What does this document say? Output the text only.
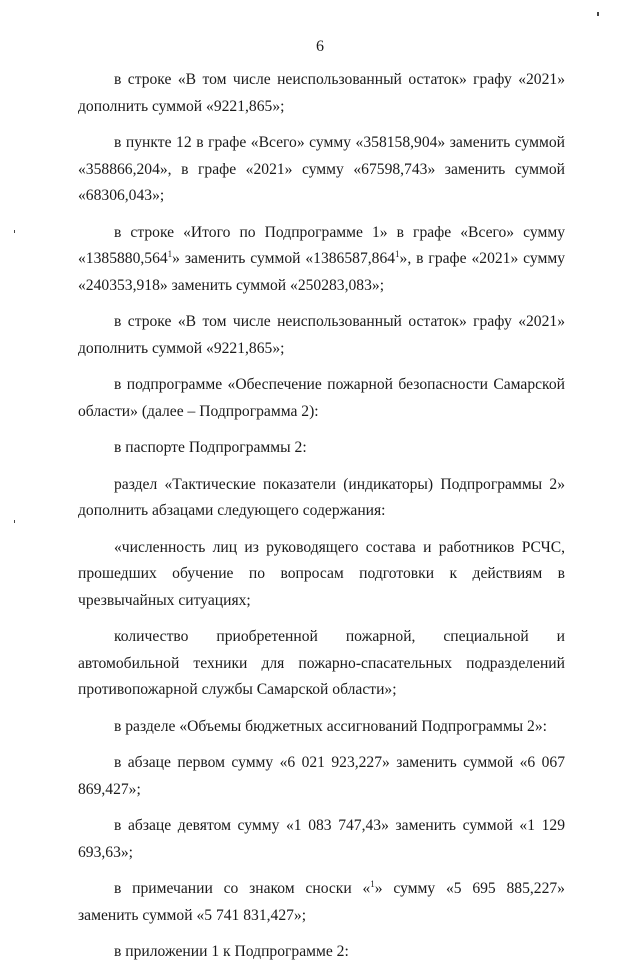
6

в строке «В том числе неиспользованный остаток» графу «2021» дополнить суммой «9221,865»;

в пункте 12 в графе «Всего» сумму «358158,904» заменить суммой «358866,204», в графе «2021» сумму «67598,743» заменить суммой «68306,043»;

в строке «Итого по Подпрограмме 1» в графе «Всего» сумму «1385880,564$^1$» заменить суммой «1386587,864$^1$», в графе «2021» сумму «240353,918» заменить суммой «250283,083»;

в строке «В том числе неиспользованный остаток» графу «2021» дополнить суммой «9221,865»;

в подпрограмме «Обеспечение пожарной безопасности Самарской области» (далее – Подпрограмма 2):

в паспорте Подпрограммы 2:

раздел «Тактические показатели (индикаторы) Подпрограммы 2» дополнить абзацами следующего содержания:

«численность лиц из руководящего состава и работников РСЧС, прошедших обучение по вопросам подготовки к действиям в чрезвычайных ситуациях;

количество приобретенной пожарной, специальной и автомобильной техники для пожарно-спасательных подразделений противопожарной службы Самарской области»;

в разделе «Объемы бюджетных ассигнований Подпрограммы 2»:

в абзаце первом сумму «6 021 923,227» заменить суммой «6 067 869,427»;

в абзаце девятом сумму «1 083 747,43» заменить суммой «1 129 693,63»;

в примечании со знаком сноски «$^1$» сумму «5 695 885,227» заменить суммой «5 741 831,427»;

в приложении 1 к Подпрограмме 2:
